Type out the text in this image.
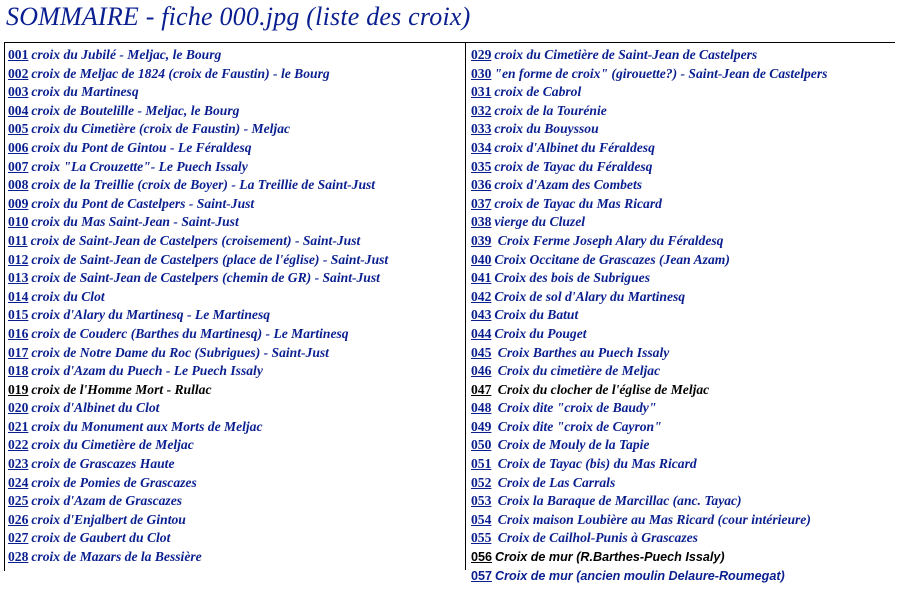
SOMMAIRE - fiche 000.jpg (liste des croix)
001 croix du Jubilé - Meljac, le Bourg
002 croix de Meljac de 1824 (croix de Faustin) - le Bourg
003 croix du Martinesq
004 croix de Boutelille - Meljac, le Bourg
005 croix du Cimetière (croix de Faustin) - Meljac
006 croix du Pont de Gintou - Le Féraldesq
007 croix "La Crouzette"- Le Puech Issaly
008 croix de la Treillie (croix de Boyer) - La Treillie de Saint-Just
009 croix du Pont de Castelpers - Saint-Just
010 croix du Mas Saint-Jean - Saint-Just
011 croix de Saint-Jean de Castelpers (croisement) - Saint-Just
012 croix de Saint-Jean de Castelpers (place de l'église) - Saint-Just
013 croix de Saint-Jean de Castelpers (chemin de GR) - Saint-Just
014 croix du Clot
015 croix d'Alary du Martinesq - Le Martinesq
016 croix de Couderc (Barthes du Martinesq) - Le Martinesq
017 croix de Notre Dame du Roc (Subrigues) - Saint-Just
018 croix d'Azam du Puech - Le Puech Issaly
019 croix de l'Homme Mort - Rullac
020 croix d'Albinet du Clot
021 croix du Monument aux Morts de Meljac
022 croix du Cimetière de Meljac
023 croix de Grascazes Haute
024 croix de Pomies de Grascazes
025 croix d'Azam de Grascazes
026 croix d'Enjalbert de Gintou
027 croix de Gaubert du Clot
028 croix de Mazars de la Bessière
029 croix du Cimetière de Saint-Jean de Castelpers
030 "en forme de croix" (girouette?) - Saint-Jean de Castelpers
031 croix de Cabrol
032 croix de la Tourénie
033 croix du Bouyssou
034 croix d'Albinet du Féraldesq
035 croix de Tayac du Féraldesq
036 croix d'Azam des Combets
037 croix de Tayac du Mas Ricard
038 vierge du Cluzel
039 Croix Ferme Joseph Alary du Féraldesq
040 Croix Occitane de Grascazes (Jean Azam)
041 Croix des bois de Subrigues
042 Croix de sol d'Alary du Martinesq
043 Croix du Batut
044 Croix du Pouget
045 Croix Barthes au Puech Issaly
046 Croix du cimetière de Meljac
047 Croix du clocher de l'église de Meljac
048 Croix dite "croix de Baudy"
049 Croix dite "croix de Cayron"
050 Croix de Mouly de la Tapie
051 Croix de Tayac (bis) du Mas Ricard
052 Croix de Las Carrals
053 Croix la Baraque de Marcillac (anc. Tayac)
054 Croix maison Loubière au Mas Ricard (cour intérieure)
055 Croix de Cailhol-Punis à Grascazes
056 Croix de mur (R.Barthes-Puech Issaly)
057 Croix de mur (ancien moulin Delaure-Roumegat)
